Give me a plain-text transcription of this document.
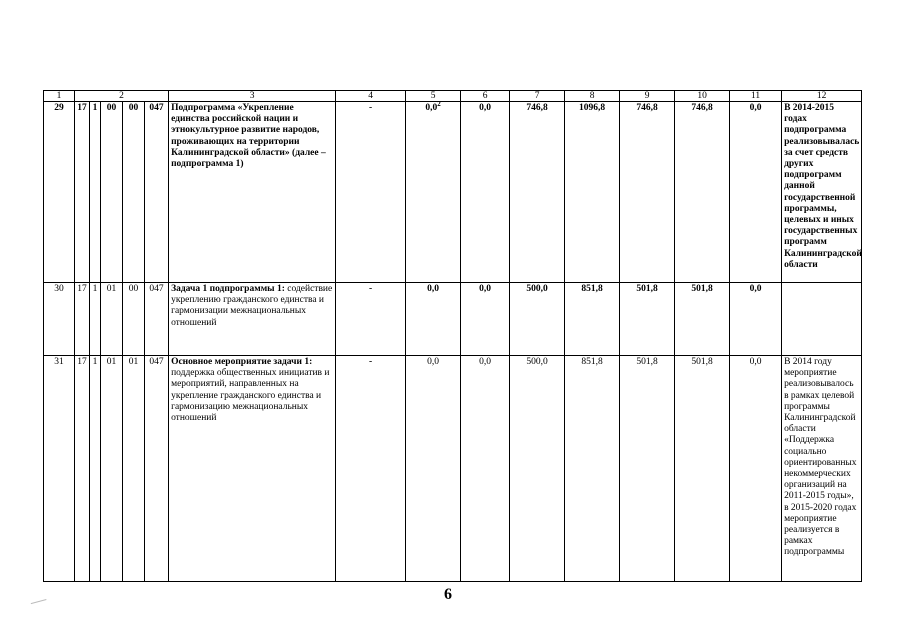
1	2					3	4	5	6	7	8	9	10	11	12
29	17	1	00	00	047	Подпрограмма «Укрепление единства российской нации и этнокультурное развитие народов, проживающих на территории Калининградской области» (далее – подпрограмма 1)	-	$0,0^2$	0,0	746,8	1096,8	746,8	746,8	0,0	В 2014-2015 годах подпрограмма реализовывалась за счет средств других подпрограмм данной государственной программы, целевых и иных государственных программ Калининградской области
30	17	1	01	00	047	Задача 1 подпрограммы 1: содействие укреплению гражданского единства и гармонизации межнациональных отношений	-	0,0	0,0	500,0	851,8	501,8	501,8	0,0	
31	17	1	01	01	047	Основное мероприятие задачи 1: поддержка общественных инициатив и мероприятий, направленных на укрепление гражданского единства и гармонизацию межнациональных отношений	-	0,0	0,0	500,0	851,8	501,8	501,8	0,0	В 2014 году мероприятие реализовывалось в рамках целевой программы Калининградской области «Поддержка социально ориентированных некоммерческих организаций на 2011-2015 годы», в 2015-2020 годах мероприятие реализуется в рамках подпрограммы
6
